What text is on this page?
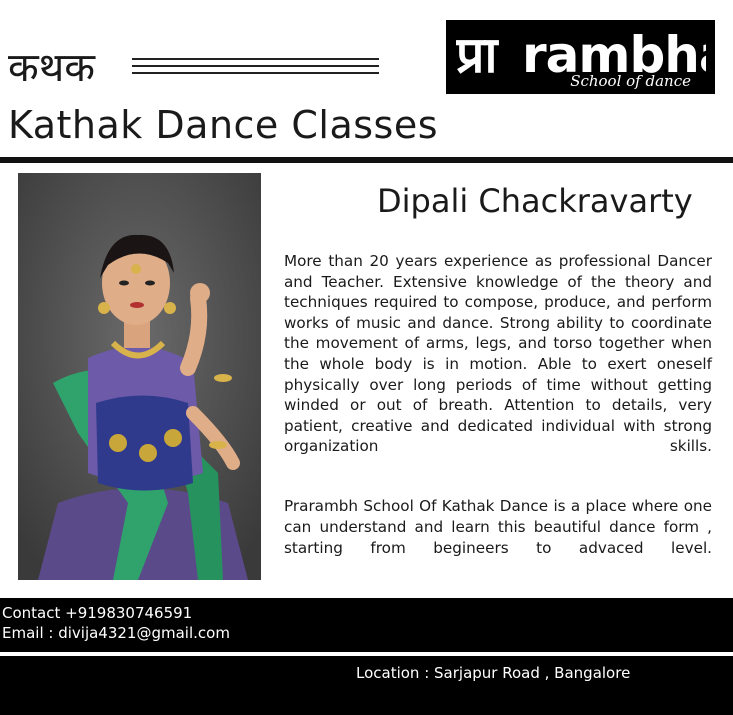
कथक
Kathak Dance Classes
प्रा rambh
School of dance
Dipali Chackravarty
More than 20 years experience as professional Dancer and Teacher. Extensive knowledge of the theory and techniques required to compose, produce, and perform works of music and dance. Strong ability to coordinate the movement of arms, legs, and torso together when the whole body is in motion. Able to exert oneself physically over long periods of time without getting winded or out of breath. Attention to details, very patient, creative and dedicated individual with strong organization skills.
Prarambh School Of Kathak Dance is a place where one can understand and learn this beautiful dance form , starting from begineers to advaced level.
Contact +919830746591
Email : divija4321@gmail.com
Location : Sarjapur Road , Bangalore
